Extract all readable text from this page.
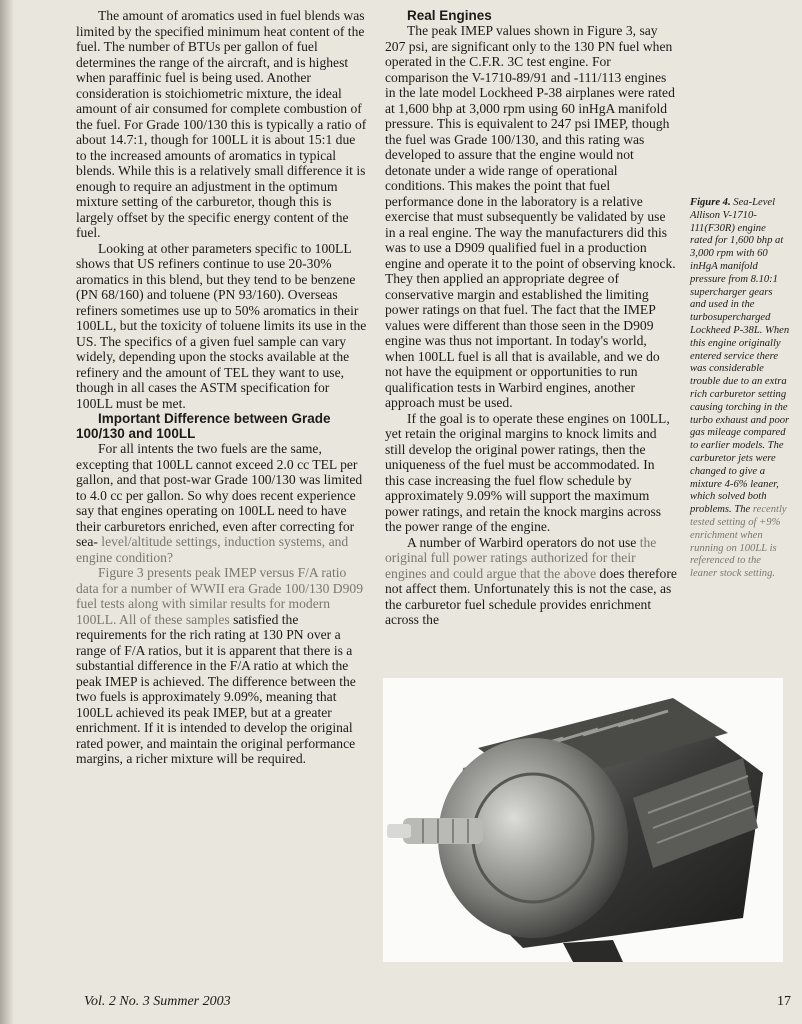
The amount of aromatics used in fuel blends was limited by the specified minimum heat content of the fuel. The number of BTUs per gallon of fuel determines the range of the aircraft, and is highest when paraffinic fuel is being used. Another consideration is stoichiometric mixture, the ideal amount of air consumed for complete combustion of the fuel. For Grade 100/130 this is typically a ratio of about 14.7:1, though for 100LL it is about 15:1 due to the increased amounts of aromatics in typical blends. While this is a relatively small difference it is enough to require an adjustment in the optimum mixture setting of the carburetor, though this is largely offset by the specific energy content of the fuel.

Looking at other parameters specific to 100LL shows that US refiners continue to use 20-30% aromatics in this blend, but they tend to be benzene (PN 68/160) and toluene (PN 93/160). Overseas refiners sometimes use up to 50% aromatics in their 100LL, but the toxicity of toluene limits its use in the US. The specifics of a given fuel sample can vary widely, depending upon the stocks available at the refinery and the amount of TEL they want to use, though in all cases the ASTM specification for 100LL must be met.

Important Difference between Grade 100/130 and 100LL

For all intents the two fuels are the same, excepting that 100LL cannot exceed 2.0 cc TEL per gallon, and that post-war Grade 100/130 was limited to 4.0 cc per gallon. So why does recent experience say that engines operating on 100LL need to have their carburetors enriched, even after correcting for sea- level/altitude settings, induction systems, and engine condition?

Figure 3 presents peak IMEP versus F/A ratio data for a number of WWII era Grade 100/130 D909 fuel tests along with similar results for modern 100LL. All of these samples satisfied the requirements for the rich rating at 130 PN over a range of F/A ratios, but it is apparent that there is a substantial difference in the F/A ratio at which the peak IMEP is achieved. The difference between the two fuels is approximately 9.09%, meaning that 100LL achieved its peak IMEP, but at a greater enrichment. If it is intended to develop the original rated power, and maintain the original performance margins, a richer mixture will be required.

Real Engines

The peak IMEP values shown in Figure 3, say 207 psi, are significant only to the 130 PN fuel when operated in the C.F.R. 3C test engine. For comparison the V-1710-89/91 and -111/113 engines in the late model Lockheed P-38 airplanes were rated at 1,600 bhp at 3,000 rpm using 60 inHgA manifold pressure. This is equivalent to 247 psi IMEP, though the fuel was Grade 100/130, and this rating was developed to assure that the engine would not detonate under a wide range of operational conditions. This makes the point that fuel performance done in the laboratory is a relative exercise that must subsequently be validated by use in a real engine. The way the manufacturers did this was to use a D909 qualified fuel in a production engine and operate it to the point of observing knock. They then applied an appropriate degree of conservative margin and established the limiting power ratings on that fuel. The fact that the IMEP values were different than those seen in the D909 engine was thus not important. In today's world, when 100LL fuel is all that is available, and we do not have the equipment or opportunities to run qualification tests in Warbird engines, another approach must be used.

If the goal is to operate these engines on 100LL, yet retain the original margins to knock limits and still develop the original power ratings, then the uniqueness of the fuel must be accommodated. In this case increasing the fuel flow schedule by approximately 9.09% will support the maximum power ratings, and retain the knock margins across the power range of the engine.

A number of Warbird operators do not use the original full power ratings authorized for their engines and could argue that the above does therefore not affect them. Unfortunately this is not the case, as the carburetor fuel schedule provides enrichment across the

Figure 4. Sea-Level Allison V-1710-111(F30R) engine rated for 1,600 bhp at 3,000 rpm with 60 inHgA manifold pressure from 8.10:1 supercharger gears and used in the turbosupercharged Lockheed P-38L. When this engine originally entered service there was considerable trouble due to an extra rich carburetor setting causing torching in the turbo exhaust and poor gas mileage compared to earlier models. The carburetor jets were changed to give a mixture 4-6% leaner, which solved both problems. The recently tested setting of +9% enrichment when running on 100LL is referenced to the leaner stock setting.
Vol. 2 No. 3 Summer 2003	17
